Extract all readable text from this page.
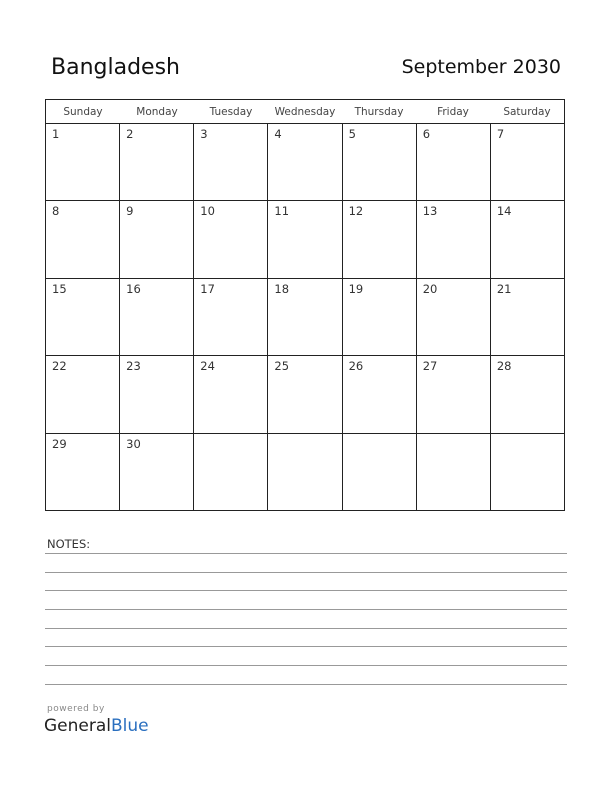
Bangladesh	September 2030
Sunday	Monday	Tuesday	Wednesday	Thursday	Friday	Saturday
1	2	3	4	5	6	7
8	9	10	11	12	13	14
15	16	17	18	19	20	21
22	23	24	25	26	27	28
29	30
NOTES:
powered by
GeneralBlue
